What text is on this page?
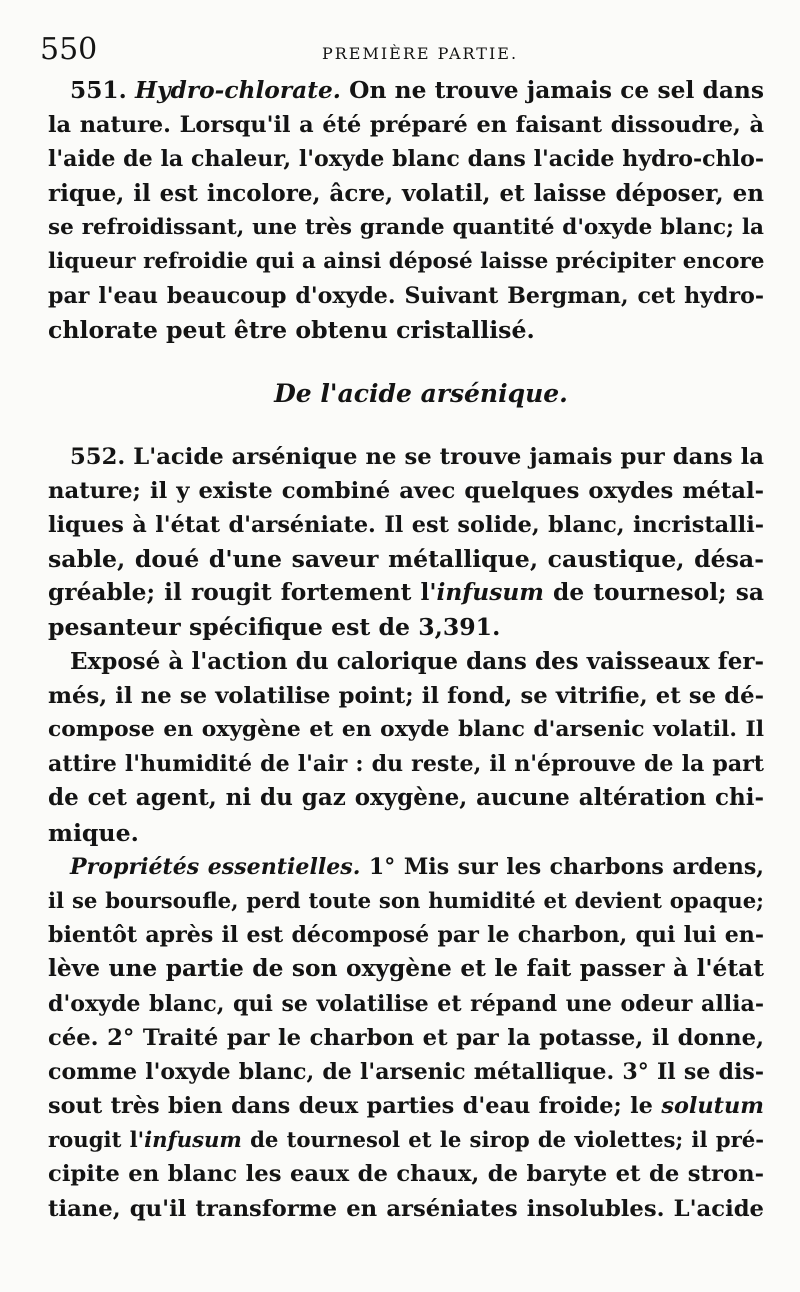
550	PREMIÈRE PARTIE.
551. Hydro-chlorate. On ne trouve jamais ce sel dans
la nature. Lorsqu'il a été préparé en faisant dissoudre, à
l'aide de la chaleur, l'oxyde blanc dans l'acide hydro-chlo-
rique, il est incolore, âcre, volatil, et laisse déposer, en
se refroidissant, une très grande quantité d'oxyde blanc; la
liqueur refroidie qui a ainsi déposé laisse précipiter encore
par l'eau beaucoup d'oxyde. Suivant Bergman, cet hydro-
chlorate peut être obtenu cristallisé.
De l'acide arsénique.
552. L'acide arsénique ne se trouve jamais pur dans la
nature; il y existe combiné avec quelques oxydes métal-
liques à l'état d'arséniate. Il est solide, blanc, incristalli-
sable, doué d'une saveur métallique, caustique, désa-
gréable; il rougit fortement l'infusum de tournesol; sa
pesanteur spécifique est de 3,391.
Exposé à l'action du calorique dans des vaisseaux fer-
més, il ne se volatilise point; il fond, se vitrifie, et se dé-
compose en oxygène et en oxyde blanc d'arsenic volatil. Il
attire l'humidité de l'air : du reste, il n'éprouve de la part
de cet agent, ni du gaz oxygène, aucune altération chi-
mique.
Propriétés essentielles. 1° Mis sur les charbons ardens,
il se boursoufle, perd toute son humidité et devient opaque;
bientôt après il est décomposé par le charbon, qui lui en-
lève une partie de son oxygène et le fait passer à l'état
d'oxyde blanc, qui se volatilise et répand une odeur allia-
cée. 2° Traité par le charbon et par la potasse, il donne,
comme l'oxyde blanc, de l'arsenic métallique. 3° Il se dis-
sout très bien dans deux parties d'eau froide; le solutum
rougit l'infusum de tournesol et le sirop de violettes; il pré-
cipite en blanc les eaux de chaux, de baryte et de stron-
tiane, qu'il transforme en arséniates insolubles. L'acide
